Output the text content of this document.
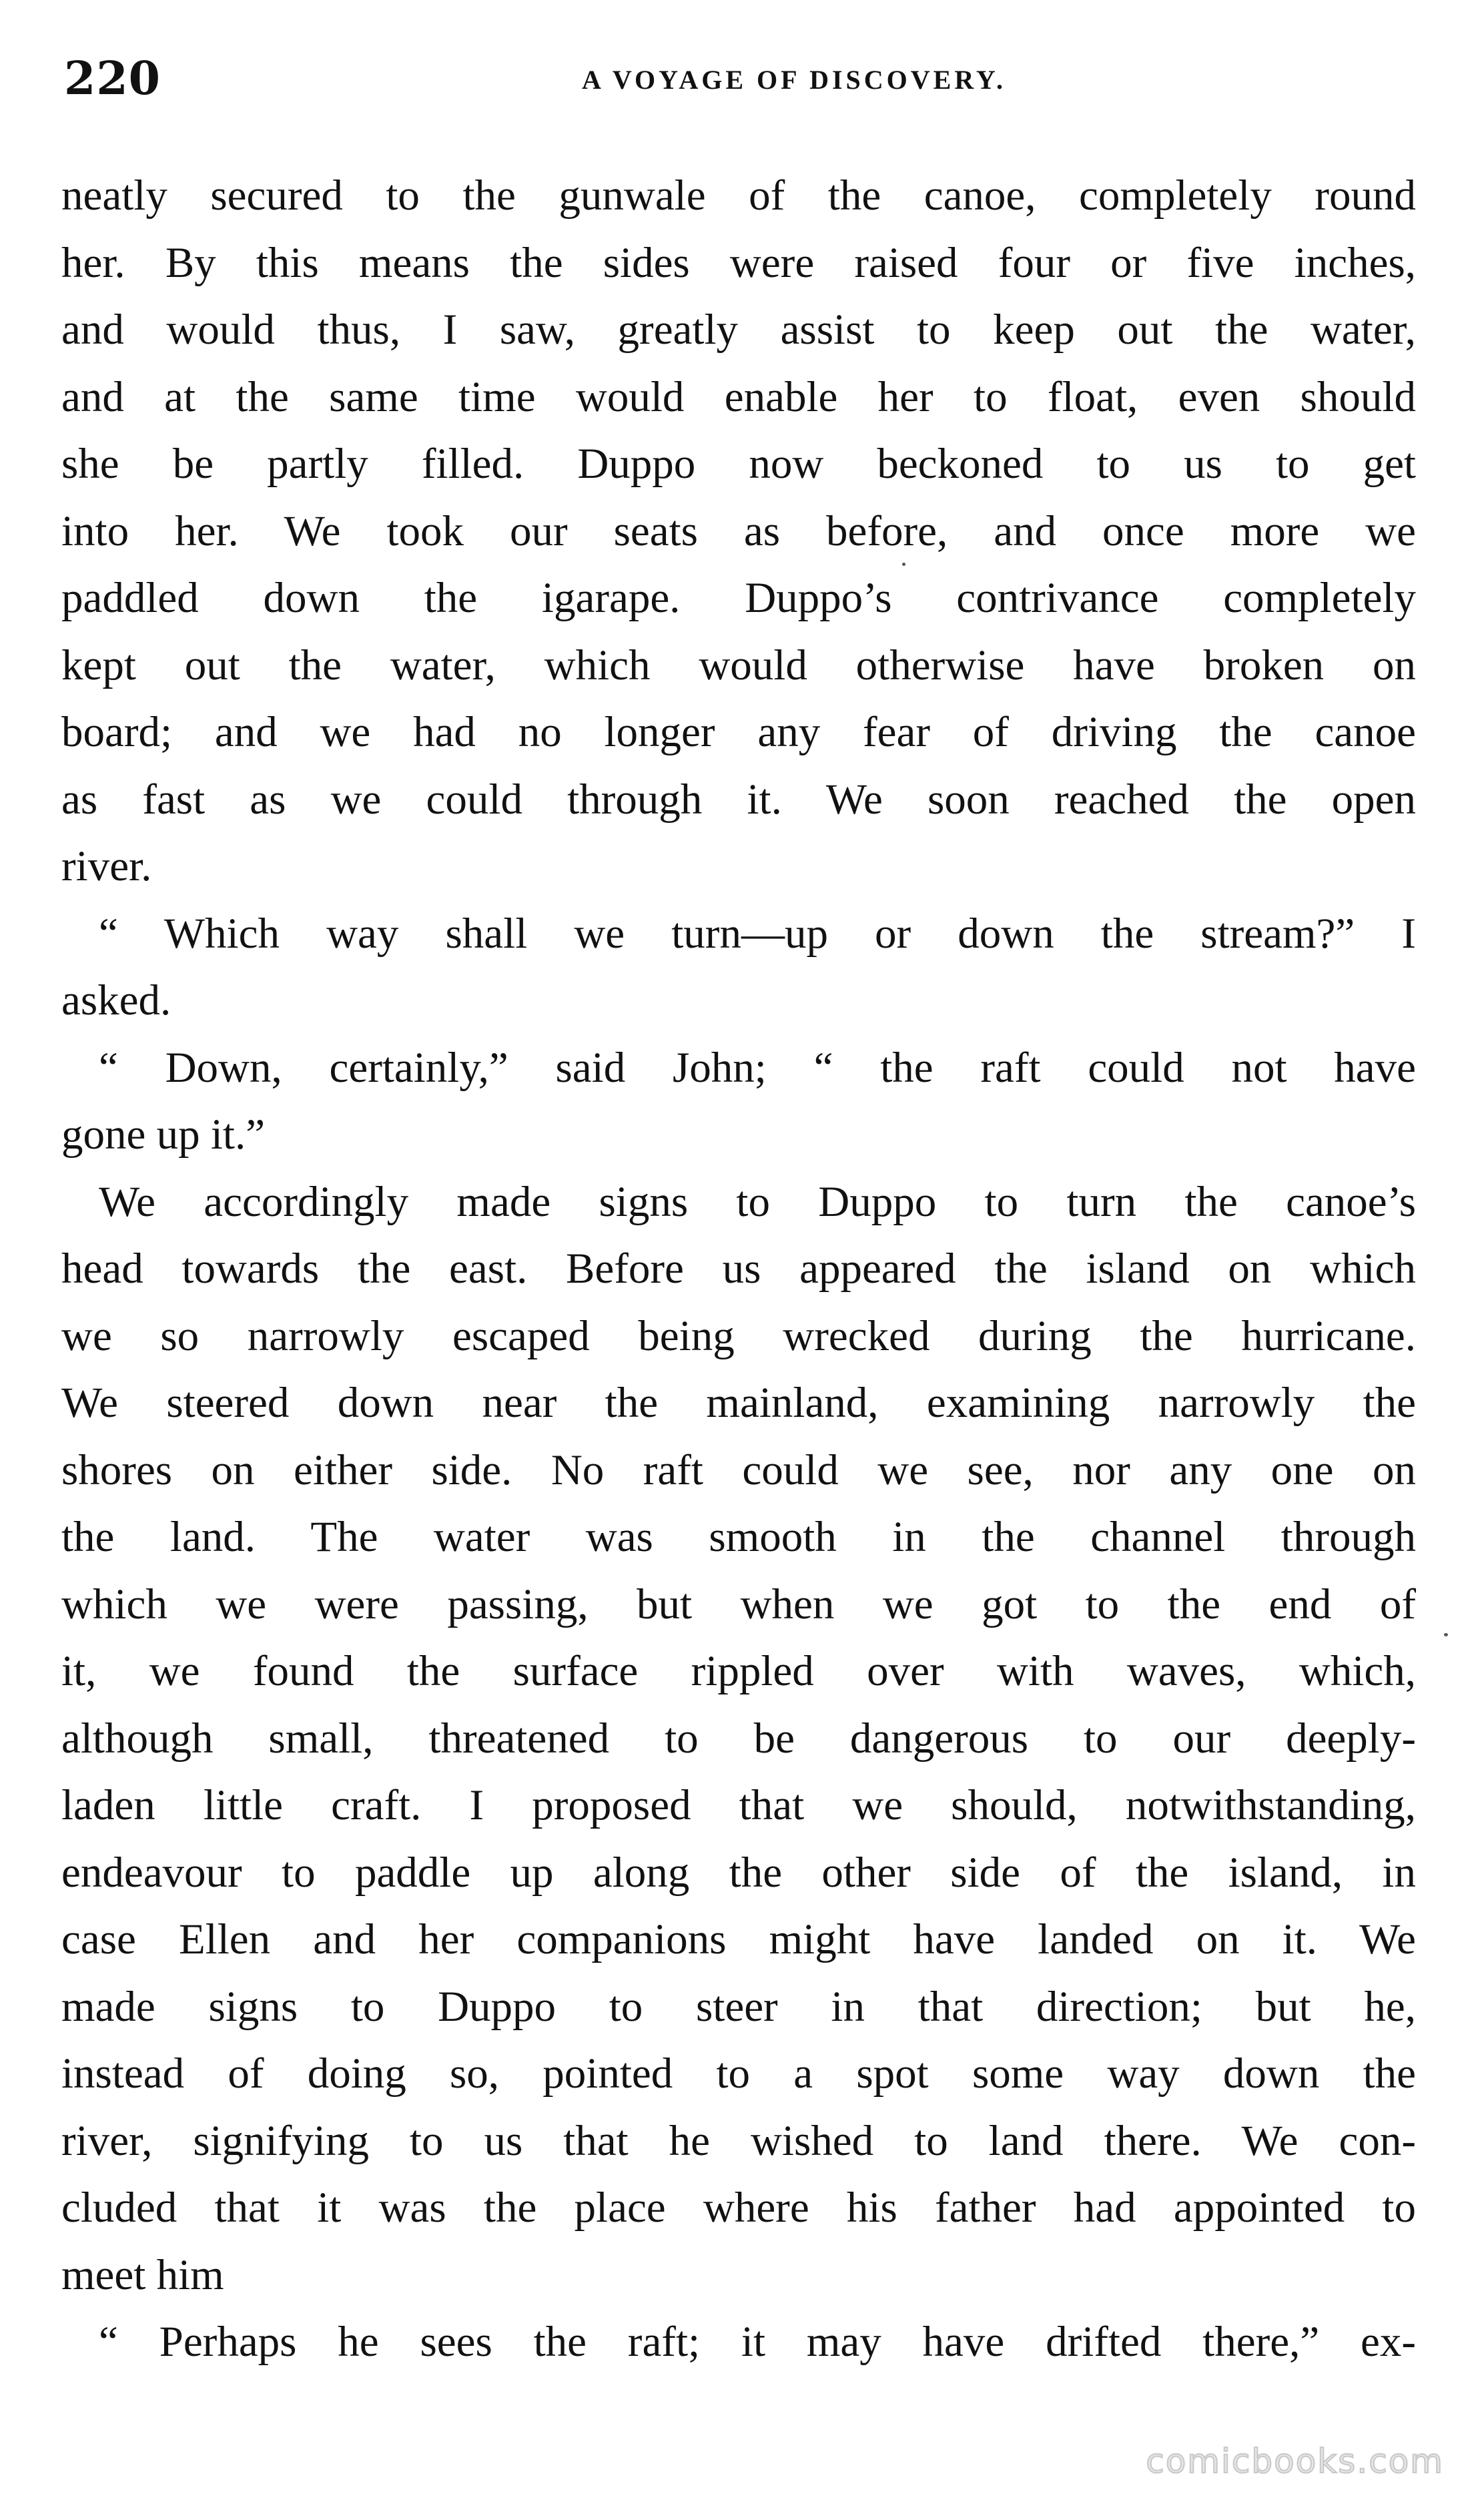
220	A VOYAGE OF DISCOVERY.
neatly secured to the gunwale of the canoe, completely round
her. By this means the sides were raised four or five inches,
and would thus, I saw, greatly assist to keep out the water,
and at the same time would enable her to float, even should
she be partly filled. Duppo now beckoned to us to get
into her. We took our seats as before, and once more we
paddled down the igarape. Duppo’s contrivance completely
kept out the water, which would otherwise have broken on
board; and we had no longer any fear of driving the canoe
as fast as we could through it. We soon reached the open
river.
“ Which way shall we turn—up or down the stream?” I
asked.
“ Down, certainly,” said John; “ the raft could not have
gone up it.”
We accordingly made signs to Duppo to turn the canoe’s
head towards the east. Before us appeared the island on which
we so narrowly escaped being wrecked during the hurricane.
We steered down near the mainland, examining narrowly the
shores on either side. No raft could we see, nor any one on
the land. The water was smooth in the channel through
which we were passing, but when we got to the end of
it, we found the surface rippled over with waves, which,
although small, threatened to be dangerous to our deeply-
laden little craft. I proposed that we should, notwithstanding,
endeavour to paddle up along the other side of the island, in
case Ellen and her companions might have landed on it. We
made signs to Duppo to steer in that direction; but he,
instead of doing so, pointed to a spot some way down the
river, signifying to us that he wished to land there. We con-
cluded that it was the place where his father had appointed to
meet him
“ Perhaps he sees the raft; it may have drifted there,” ex-
comicbooks.com
